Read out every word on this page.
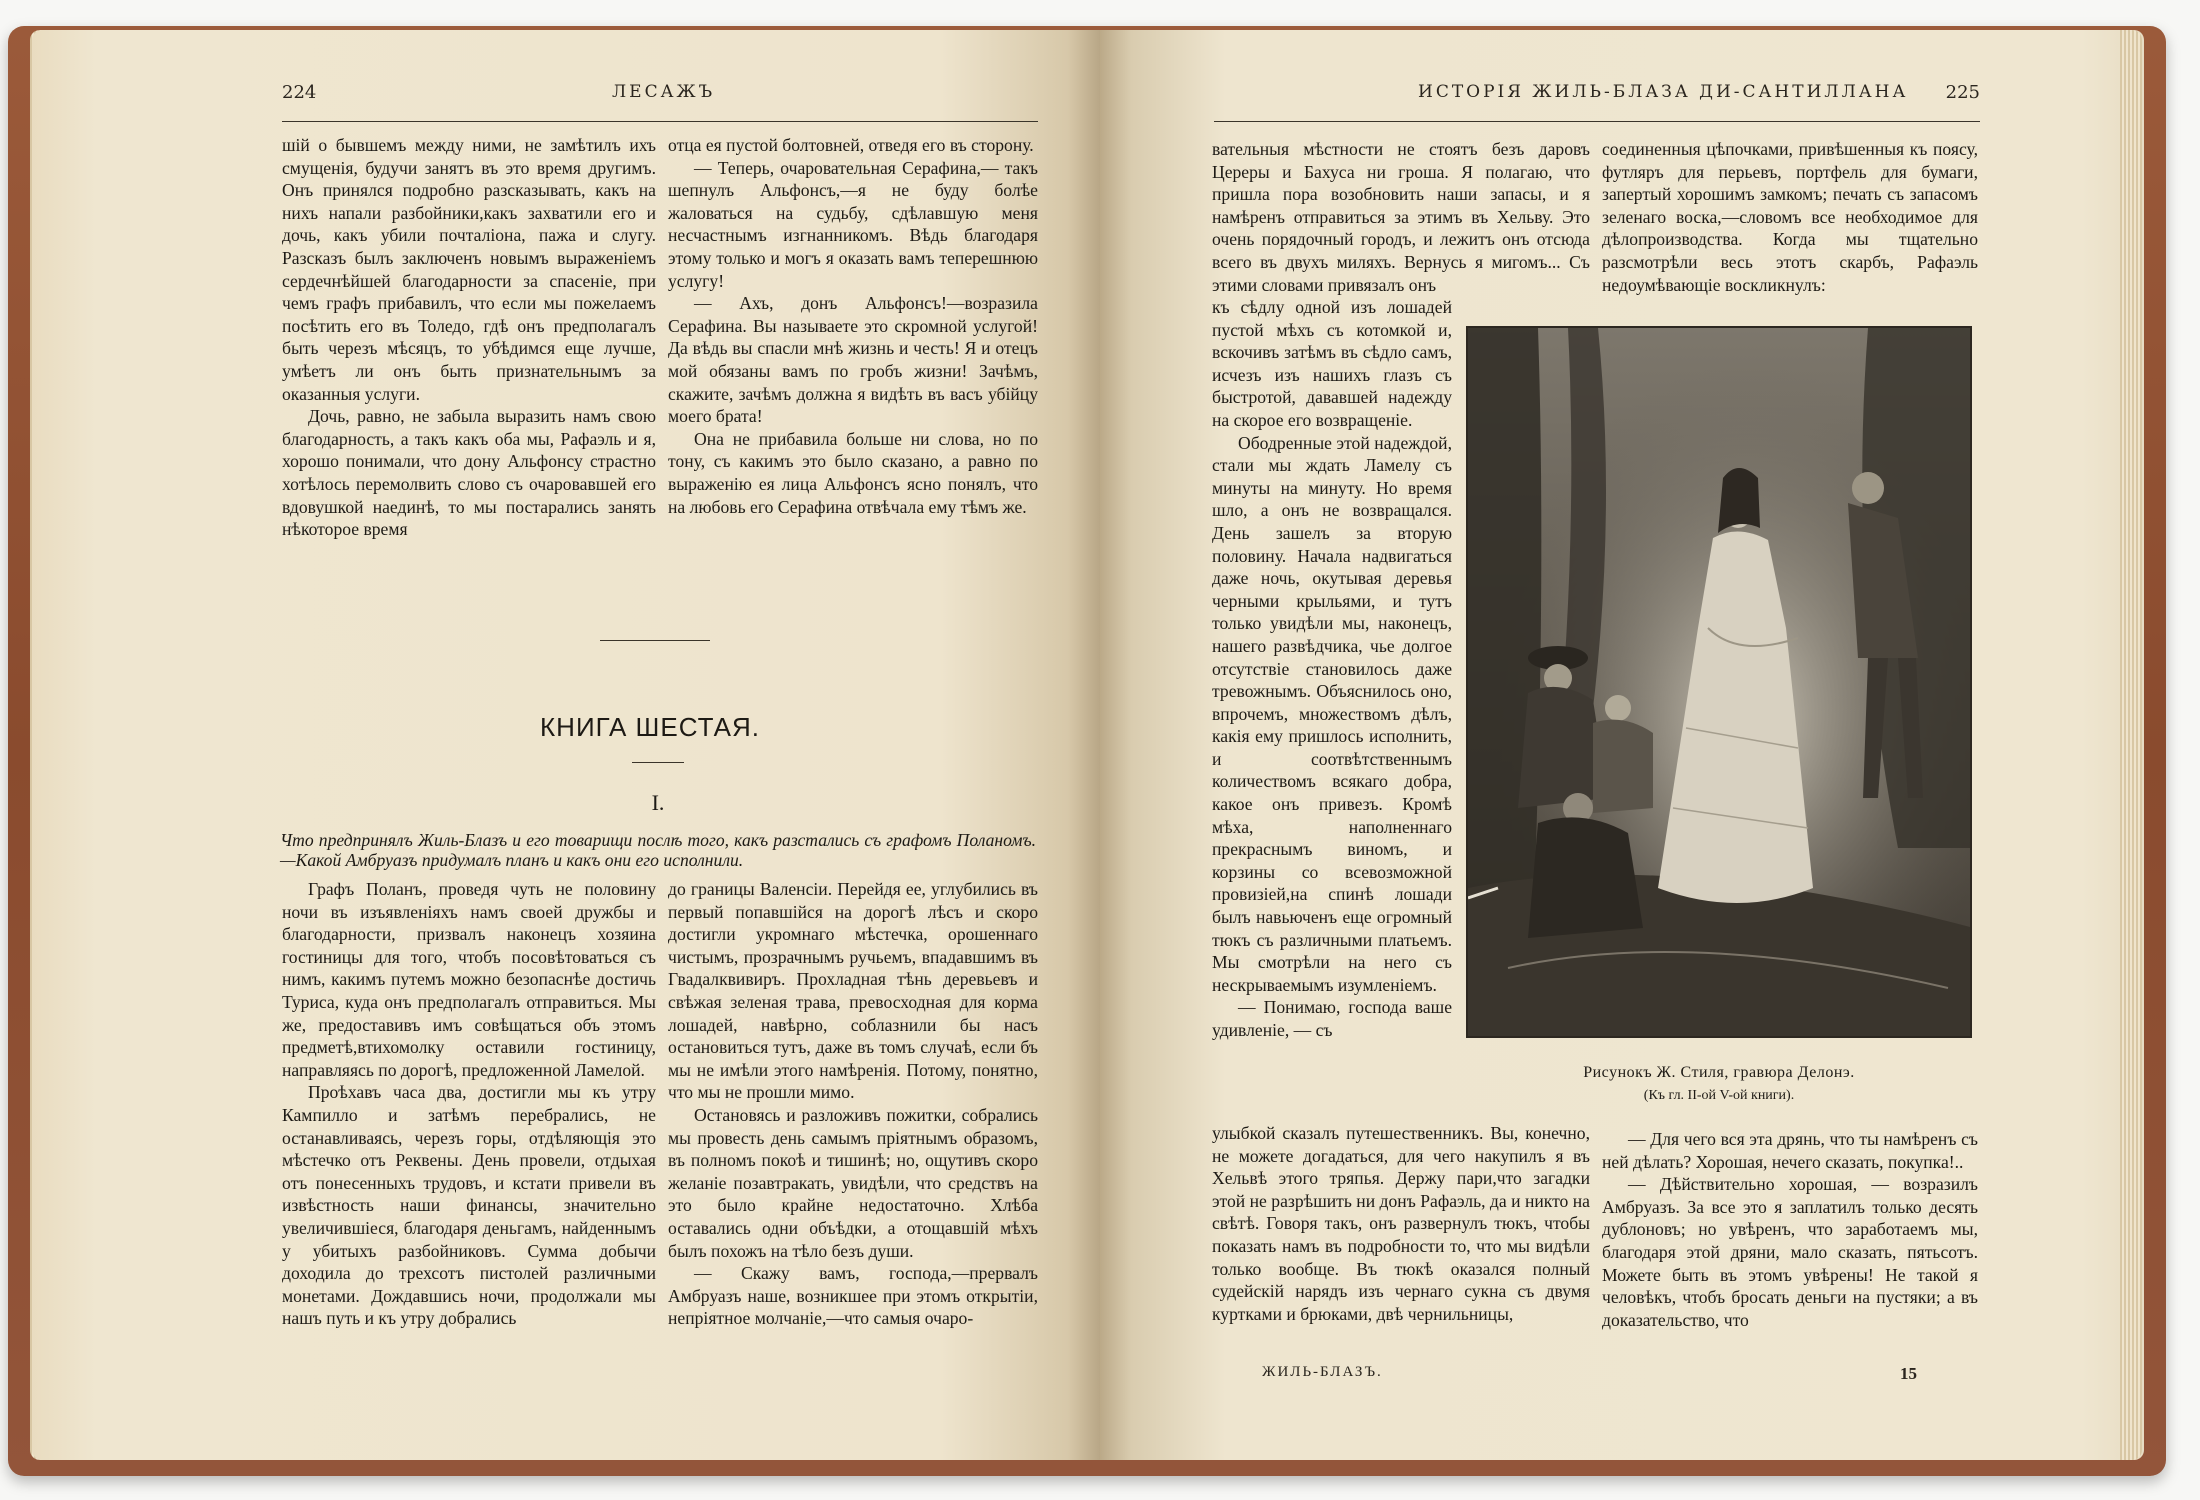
224	ЛЕСАЖЪ

шій о бывшемъ между ними, не замѣтилъ ихъ смущенія, будучи занятъ въ это время другимъ. Онъ принялся подробно разсказывать, какъ на нихъ напали разбойники,какъ захватили его и дочь, какъ убили почталіона, пажа и слугу. Разсказъ былъ заключенъ новымъ выраженіемъ сердечнѣйшей благодарности за спасеніе, при чемъ графъ прибавилъ, что если мы пожелаемъ посѣтить его въ Толедо, гдѣ онъ предполагалъ быть черезъ мѣсяцъ, то убѣдимся еще лучше, умѣетъ ли онъ быть признательнымъ за оказанныя услуги.

Дочь, равно, не забыла выразить намъ свою благодарность, а такъ какъ оба мы, Рафаэль и я, хорошо понимали, что дону Альфонсу страстно хотѣлось перемолвить слово съ очаровавшей его вдовушкой наединѣ, то мы постарались занять нѣкоторое время

отца ея пустой болтовней, отведя его въ сторону.

— Теперь, очаровательная Серафина,— такъ шепнулъ Альфонсъ,—я не буду болѣе жаловаться на судьбу, сдѣлавшую меня несчастнымъ изгнанникомъ. Вѣдь благодаря этому только и могъ я оказать вамъ теперешнюю услугу!

— Ахъ, донъ Альфонсъ!—возразила Серафина. Вы называете это скромной услугой! Да вѣдь вы спасли мнѣ жизнь и честь! Я и отецъ мой обязаны вамъ по гробъ жизни! Зачѣмъ, скажите, зачѣмъ должна я видѣть въ васъ убійцу моего брата!

Она не прибавила больше ни слова, но по тону, съ какимъ это было сказано, а равно по выраженію ея лица Альфонсъ ясно понялъ, что на любовь его Серафина отвѣчала ему тѣмъ же.

КНИГА ШЕСТАЯ.
I.
Что предпринялъ Жиль-Блазъ и его товарищи послѣ того, какъ разстались съ графомъ Поланомъ.—Какой Амбруазъ придумалъ планъ и какъ они его исполнили.

Графъ Поланъ, проведя чуть не половину ночи въ изъявленіяхъ намъ своей дружбы и благодарности, призвалъ наконецъ хозяина гостиницы для того, чтобъ посовѣтоваться съ нимъ, какимъ путемъ можно безопаснѣе достичь Туриса, куда онъ предполагалъ отправиться. Мы же, предоставивъ имъ совѣщаться объ этомъ предметѣ,втихомолку оставили гостиницу, направляясь по дорогѣ, предложенной Ламелой.

Проѣхавъ часа два, достигли мы къ утру Кампилло и затѣмъ перебрались, не останавливаясь, черезъ горы, отдѣляющія это мѣстечко отъ Реквены. День провели, отдыхая отъ понесенныхъ трудовъ, и кстати привели въ извѣстность наши финансы, значительно увеличившіеся, благодаря деньгамъ, найденнымъ у убитыхъ разбойниковъ. Сумма добычи доходила до трехсотъ пистолей различными монетами. Дождавшись ночи, продолжали мы нашъ путь и къ утру добрались

до границы Валенсіи. Перейдя ее, углубились въ первый попавшійся на дорогѣ лѣсъ и скоро достигли укромнаго мѣстечка, орошеннаго чистымъ, прозрачнымъ ручьемъ, впадавшимъ въ Гвадалквивиръ. Прохладная тѣнь деревьевъ и свѣжая зеленая трава, превосходная для корма лошадей, навѣрно, соблазнили бы насъ остановиться тутъ, даже въ томъ случаѣ, если бъ мы не имѣли этого намѣренія. Потому, понятно, что мы не прошли мимо.

Остановясь и разложивъ пожитки, собрались мы провесть день самымъ пріятнымъ образомъ, въ полномъ покоѣ и тишинѣ; но, ощутивъ скоро желаніе позавтракать, увидѣли, что средствъ на это было крайне недостаточно. Хлѣба оставались одни объѣдки, а отощавшій мѣхъ былъ похожъ на тѣло безъ души.

— Скажу вамъ, господа,—прервалъ Амбруазъ наше, возникшее при этомъ открытіи, непріятное молчаніе,—что самыя очаро-

ИСТОРІЯ ЖИЛЬ-БЛАЗА ДИ-САНТИЛЛАНА 225

вательныя мѣстности не стоятъ безъ даровъ Цереры и Бахуса ни гроша. Я полагаю, что пришла пора возобновить наши запасы, и я намѣренъ отправиться за этимъ въ Хельву. Это очень порядочный городъ, и лежитъ онъ отсюда всего въ двухъ миляхъ. Вернусь я мигомъ... Съ этими словами привязалъ онъ

соединенныя цѣпочками, привѣшенныя къ поясу, футляръ для перьевъ, портфель для бумаги, запертый хорошимъ замкомъ; печать съ запасомъ зеленаго воска,—словомъ все необходимое для дѣлопроизводства. Когда мы тщательно разсмотрѣли весь этотъ скарбъ, Рафаэль недоумѣвающіе воскликнулъ:

къ сѣдлу одной изъ лошадей пустой мѣхъ съ котомкой и, вскочивъ затѣмъ въ сѣдло самъ, исчезъ изъ нашихъ глазъ съ быстротой, дававшей надежду на скорое его возвращеніе.

Ободренные этой надеждой, стали мы ждать Ламелу съ минуты на минуту. Но время шло, а онъ не возвращался. День зашелъ за вторую половину. Начала надвигаться даже ночь, окутывая деревья черными крыльями, и тутъ только увидѣли мы, наконецъ, нашего развѣдчика, чье долгое отсутствіе становилось даже тревожнымъ. Объяснилось оно, впрочемъ, множествомъ дѣлъ, какія ему пришлось исполнить, и соотвѣтственнымъ количествомъ всякаго добра, какое онъ привезъ. Кромѣ мѣха, наполненнаго прекраснымъ виномъ, и корзины со всевозможной провизіей,на спинѣ лошади былъ навьюченъ еще огромный тюкъ съ различными платьемъ. Мы смотрѣли на него съ нескрываемымъ изумленіемъ.

— Понимаю, господа ваше удивленіе, — съ

Рисунокъ Ж. Стиля, гравюра Делонэ.
(Къ гл. II-ой V-ой книги).

улыбкой сказалъ путешественникъ. Вы, конечно, не можете догадаться, для чего накупилъ я въ Хельвѣ этого тряпья. Держу пари,что загадки этой не разрѣшить ни донъ Рафаэль, да и никто на свѣтѣ. Говоря такъ, онъ развернулъ тюкъ, чтобы показать намъ въ подробности то, что мы видѣли только вообще. Въ тюкѣ оказался полный судейскій нарядъ изъ чернаго сукна съ двумя куртками и брюками, двѣ чернильницы,

— Для чего вся эта дрянь, что ты намѣренъ съ ней дѣлать? Хорошая, нечего сказать, покупка!..

— Дѣйствительно хорошая, — возразилъ Амбруазъ. За все это я заплатилъ только десять дублоновъ; но увѣренъ, что заработаемъ мы, благодаря этой дряни, мало сказать, пятьсотъ. Можете быть въ этомъ увѣрены! Не такой я человѣкъ, чтобъ бросать деньги на пустяки; а въ доказательство, что

ЖИЛЬ-БЛАЗЪ.	15
